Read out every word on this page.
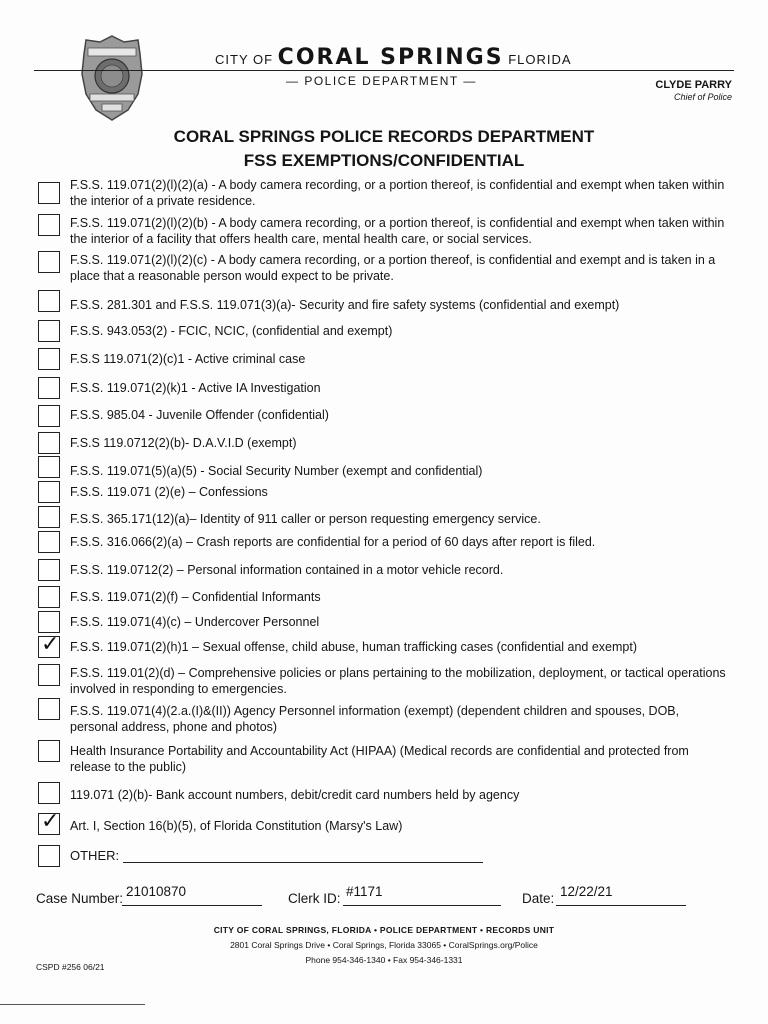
CITY OF CORAL SPRINGS FLORIDA
— POLICE DEPARTMENT —	CLYDE PARRY
Chief of Police
CORAL SPRINGS POLICE RECORDS DEPARTMENT
FSS EXEMPTIONS/CONFIDENTIAL
F.S.S. 119.071(2)(l)(2)(a) - A body camera recording, or a portion thereof, is confidential and exempt when taken within the interior of a private residence.
F.S.S. 119.071(2)(l)(2)(b) - A body camera recording, or a portion thereof, is confidential and exempt when taken within the interior of a facility that offers health care, mental health care, or social services.
F.S.S. 119.071(2)(l)(2)(c) - A body camera recording, or a portion thereof, is confidential and exempt and is taken in a place that a reasonable person would expect to be private.
F.S.S. 281.301 and F.S.S. 119.071(3)(a)- Security and fire safety systems (confidential and exempt)
F.S.S. 943.053(2) - FCIC, NCIC, (confidential and exempt)
F.S.S 119.071(2)(c)1 - Active criminal case
F.S.S. 119.071(2)(k)1 - Active IA Investigation
F.S.S. 985.04 - Juvenile Offender (confidential)
F.S.S 119.0712(2)(b)- D.A.V.I.D (exempt)
F.S.S. 119.071(5)(a)(5) - Social Security Number (exempt and confidential)
F.S.S. 119.071 (2)(e) – Confessions
F.S.S. 365.171(12)(a)– Identity of 911 caller or person requesting emergency service.
F.S.S. 316.066(2)(a) – Crash reports are confidential for a period of 60 days after report is filed.
F.S.S. 119.0712(2) – Personal information contained in a motor vehicle record.
F.S.S. 119.071(2)(f) – Confidential Informants
F.S.S. 119.071(4)(c) – Undercover Personnel
✓ F.S.S. 119.071(2)(h)1 – Sexual offense, child abuse, human trafficking cases (confidential and exempt)
F.S.S. 119.01(2)(d) – Comprehensive policies or plans pertaining to the mobilization, deployment, or tactical operations involved in responding to emergencies.
F.S.S. 119.071(4)(2.a.(I)&(II)) Agency Personnel information (exempt) (dependent children and spouses, DOB, personal address, phone and photos)
Health Insurance Portability and Accountability Act (HIPAA) (Medical records are confidential and protected from release to the public)
119.071 (2)(b)- Bank account numbers, debit/credit card numbers held by agency
✓ Art. I, Section 16(b)(5), of Florida Constitution (Marsy's Law)
OTHER:
Case Number: 21010870	Clerk ID: #1171	Date: 12/22/21
CITY OF CORAL SPRINGS, FLORIDA • POLICE DEPARTMENT • RECORDS UNIT
2801 Coral Springs Drive • Coral Springs, Florida 33065 • CoralSprings.org/Police
Phone 954-346-1340 • Fax 954-346-1331
CSPD #256 06/21
